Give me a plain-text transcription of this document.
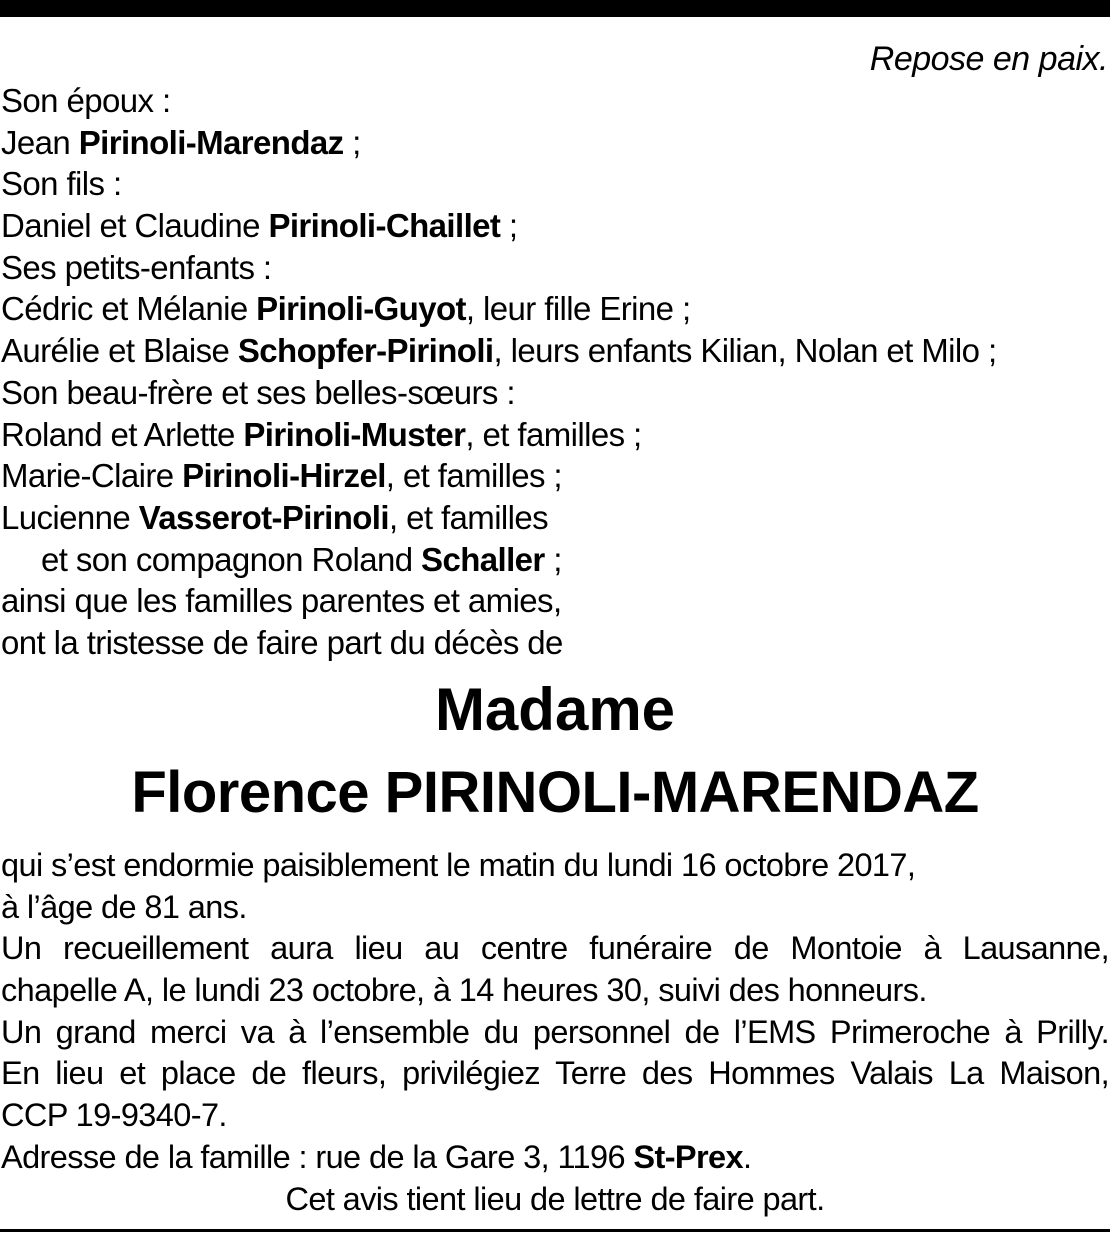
Repose en paix.
Son époux :
Jean Pirinoli-Marendaz ;
Son fils :
Daniel et Claudine Pirinoli-Chaillet ;
Ses petits-enfants :
Cédric et Mélanie Pirinoli-Guyot, leur fille Erine ;
Aurélie et Blaise Schopfer-Pirinoli, leurs enfants Kilian, Nolan et Milo ;
Son beau-frère et ses belles-sœurs :
Roland et Arlette Pirinoli-Muster, et familles ;
Marie-Claire Pirinoli-Hirzel, et familles ;
Lucienne Vasserot-Pirinoli, et familles
et son compagnon Roland Schaller ;
ainsi que les familles parentes et amies,
ont la tristesse de faire part du décès de
Madame
Florence PIRINOLI-MARENDAZ
qui s’est endormie paisiblement le matin du lundi 16 octobre 2017,
à l’âge de 81 ans.
Un recueillement aura lieu au centre funéraire de Montoie à Lausanne,
chapelle A, le lundi 23 octobre, à 14 heures 30, suivi des honneurs.
Un grand merci va à l’ensemble du personnel de l’EMS Primeroche à Prilly.
En lieu et place de fleurs, privilégiez Terre des Hommes Valais La Maison,
CCP 19-9340-7.
Adresse de la famille : rue de la Gare 3, 1196 St-Prex.
Cet avis tient lieu de lettre de faire part.
